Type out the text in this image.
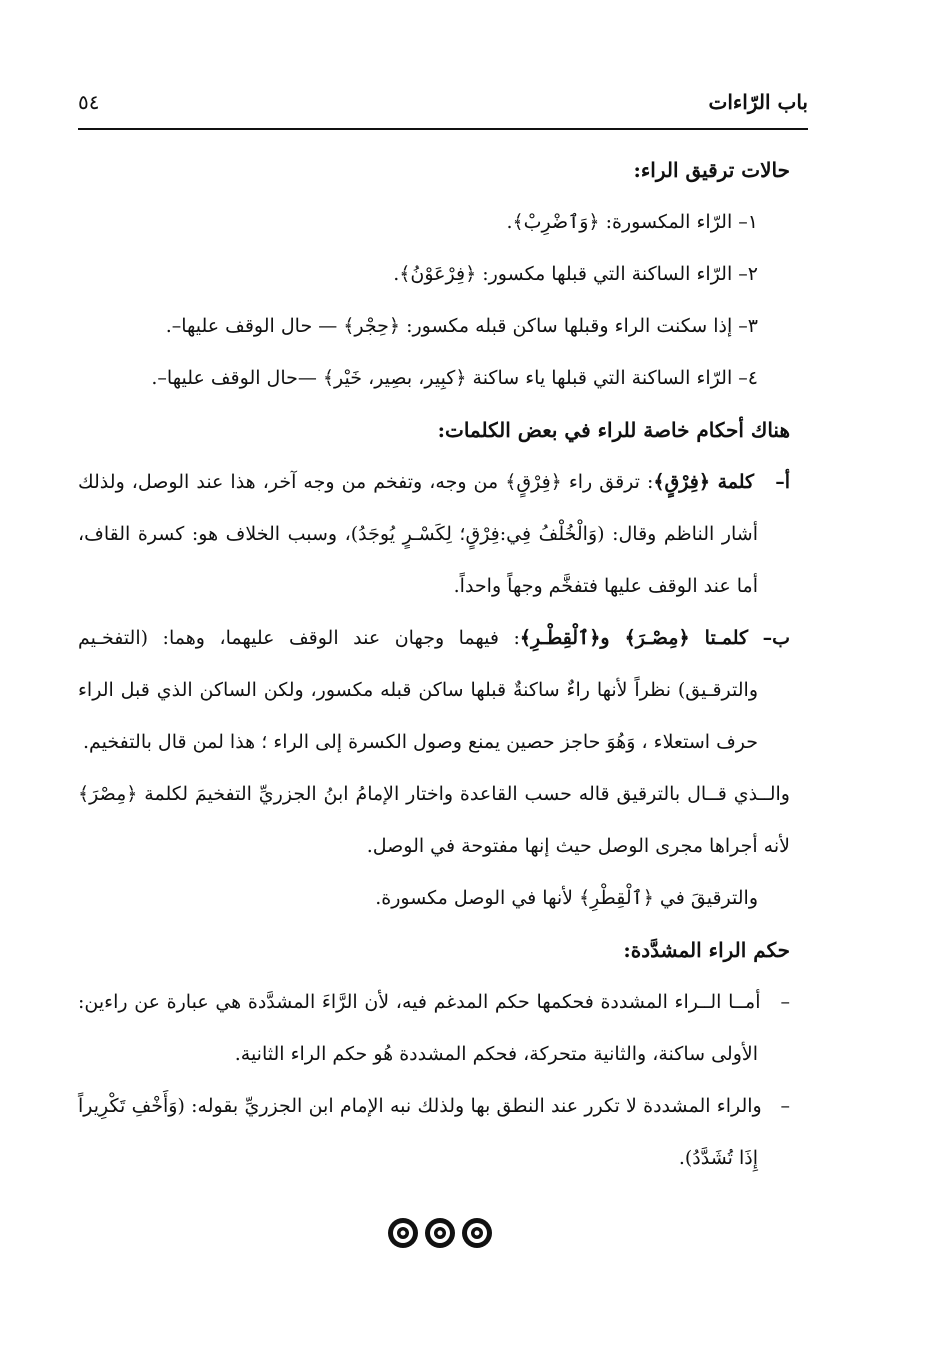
باب الرّاءات
٥٤

حالات ترقيق الراء:

١– الرّاء المكسورة: ﴿وَٱضْرِبْ﴾.

٢– الرّاء الساكنة التي قبلها مكسور: ﴿فِرْعَوْنُ﴾.

٣– إذا سكنت الراء وقبلها ساكن قبله مكسور: ﴿حِجْر﴾ — حال الوقف عليها–.

٤– الرّاء الساكنة التي قبلها ياء ساكنة ﴿كبِير، بصِير، خَيْر﴾ —حال الوقف عليها–.

هناك أحكام خاصة للراء في بعض الكلمات:

أ–   كلمة ﴿فِرْقٍ﴾: ترقق راء ﴿فِرْقٍ﴾ من وجه، وتفخم من وجه آخر، هذا عند الوصل، ولذلك أشار الناظم وقال: (وَالْخُلْفُ فِي:فِرْقٍ؛ لِكَسْـرٍ يُوجَدُ)، وسبب الخلاف هو: كسرة القاف، أما عند الوقف عليها فتفخَّم وجهاً واحداً.

ب– كلمـتا ﴿مِصْـرَ﴾ و﴿ٱلْقِطْـرِ﴾: فيهما وجهان عند الوقف عليهما، وهما: (التفخـيم والترقـيق) نظراً لأنها راءٌ ساكنةٌ قبلها ساكن قبله مكسور، ولكن الساكن الذي قبل الراء حرف استعلاء ، وَهُوَ حاجز حصين يمنع وصول الكسرة إلى الراء ؛ هذا لمن قال بالتفخيم.

والــذي قــال بالترقيق قاله حسب القاعدة واختار الإمامُ ابنُ الجزريِّ التفخيمَ لكلمة ﴿مِصْرَ﴾ لأنه أجراها مجرى الوصل حيث إنها مفتوحة في الوصل.

والترقيقَ في ﴿ٱلْقِطْرِ﴾ لأنها في الوصل مكسورة.

حكم الراء المشدَّدة:

–   أمــا الــراء المشددة فحكمها حكم المدغم فيه، لأن الرَّاءَ المشدَّدة هي عبارة عن راءين: الأولى ساكنة، والثانية متحركة، فحكم المشددة هُو حكم الراء الثانية.

–   والراء المشددة لا تكرر عند النطق بها ولذلك نبه الإمام ابن الجزريِّ بقوله: (وَأَخْفِ تَكْرِيراً إِذَا تُشَدَّدُ).
